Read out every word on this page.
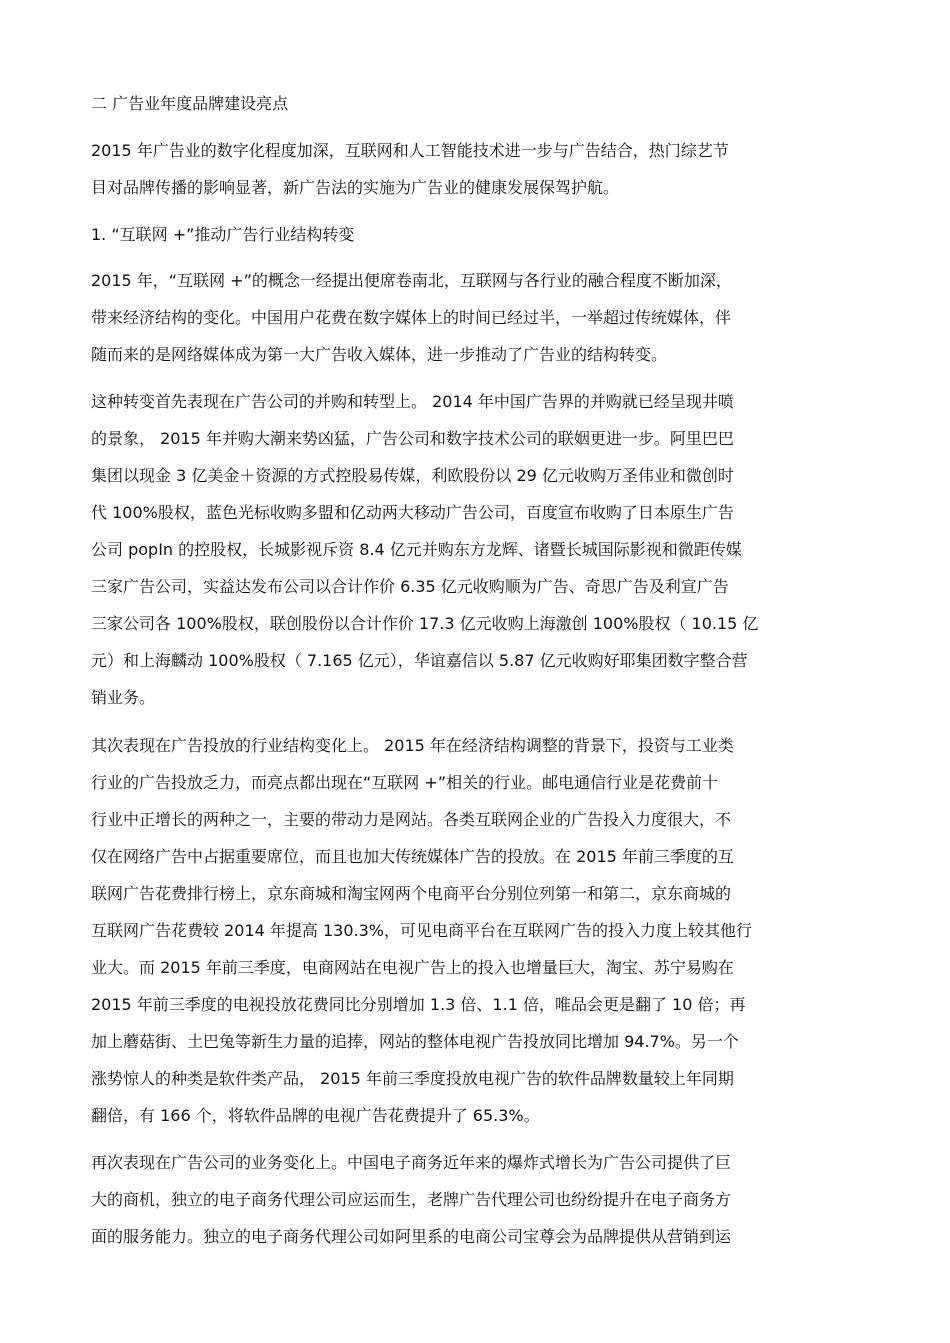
二 广告业年度品牌建设亮点
2015 年广告业的数字化程度加深，互联网和人工智能技术进一步与广告结合，热门综艺节
目对品牌传播的影响显著，新广告法的实施为广告业的健康发展保驾护航。
1. “互联网 +”推动广告行业结构转变
2015 年，“互联网 +”的概念一经提出便席卷南北，互联网与各行业的融合程度不断加深，
带来经济结构的变化。中国用户花费在数字媒体上的时间已经过半，一举超过传统媒体，伴
随而来的是网络媒体成为第一大广告收入媒体，进一步推动了广告业的结构转变。
这种转变首先表现在广告公司的并购和转型上。 2014 年中国广告界的并购就已经呈现井喷
的景象， 2015 年并购大潮来势凶猛，广告公司和数字技术公司的联姻更进一步。阿里巴巴
集团以现金 3 亿美金＋资源的方式控股易传媒，利欧股份以 29 亿元收购万圣伟业和微创时
代 100%股权，蓝色光标收购多盟和亿动两大移动广告公司，百度宣布收购了日本原生广告
公司 popIn 的控股权，长城影视斥资 8.4 亿元并购东方龙辉、诸暨长城国际影视和微距传媒
三家广告公司，实益达发布公司以合计作价 6.35 亿元收购顺为广告、奇思广告及利宣广告
三家公司各 100%股权，联创股份以合计作价 17.3 亿元收购上海激创 100%股权（ 10.15 亿
元）和上海麟动 100%股权（ 7.165 亿元），华谊嘉信以 5.87 亿元收购好耶集团数字整合营
销业务。
其次表现在广告投放的行业结构变化上。 2015 年在经济结构调整的背景下，投资与工业类
行业的广告投放乏力，而亮点都出现在“互联网 +”相关的行业。邮电通信行业是花费前十
行业中正增长的两种之一，主要的带动力是网站。各类互联网企业的广告投入力度很大，不
仅在网络广告中占据重要席位，而且也加大传统媒体广告的投放。在 2015 年前三季度的互
联网广告花费排行榜上，京东商城和淘宝网两个电商平台分别位列第一和第二，京东商城的
互联网广告花费较 2014 年提高 130.3%，可见电商平台在互联网广告的投入力度上较其他行
业大。而 2015 年前三季度，电商网站在电视广告上的投入也增量巨大，淘宝、苏宁易购在
2015 年前三季度的电视投放花费同比分别增加 1.3 倍、1.1 倍，唯品会更是翻了 10 倍；再
加上蘑菇街、土巴兔等新生力量的追捧，网站的整体电视广告投放同比增加 94.7%。另一个
涨势惊人的种类是软件类产品， 2015 年前三季度投放电视广告的软件品牌数量较上年同期
翻倍，有 166 个，将软件品牌的电视广告花费提升了 65.3%。
再次表现在广告公司的业务变化上。中国电子商务近年来的爆炸式增长为广告公司提供了巨
大的商机，独立的电子商务代理公司应运而生，老牌广告代理公司也纷纷提升在电子商务方
面的服务能力。独立的电子商务代理公司如阿里系的电商公司宝尊会为品牌提供从营销到运
